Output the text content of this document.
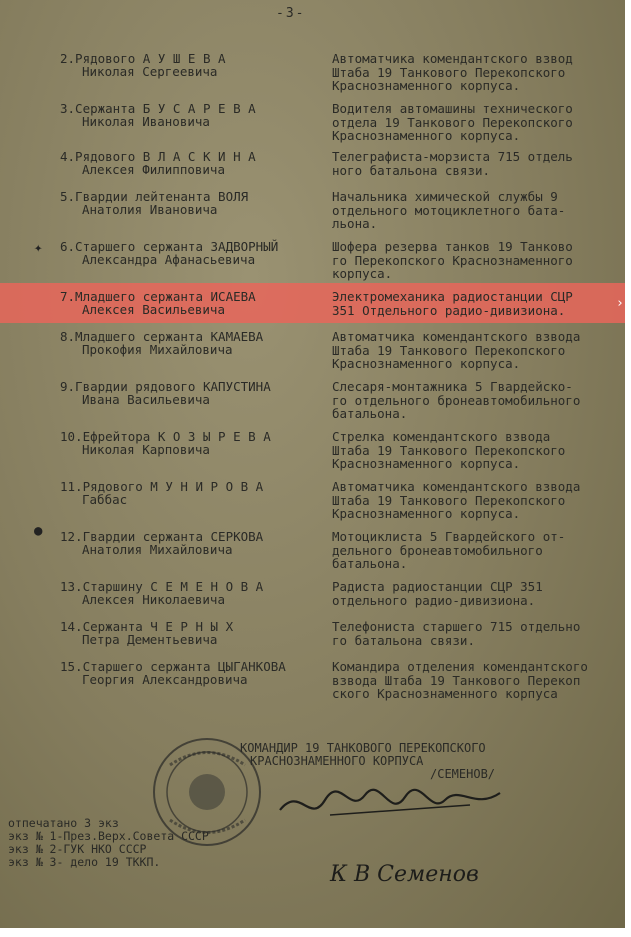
-3-
›
2.Рядового А У Ш Е В А
Николая Сергеевича
Автоматчика комендантского взвод
Штаба 19 Танкового Перекопского
Краснознаменного корпуса.
3.Сержанта Б У С А Р Е В А
Николая Ивановича
Водителя автомашины технического
отдела 19 Танкового Перекопского
Краснознаменного корпуса.
4.Рядового В Л А С К И Н А
Алексея Филипповича
Телеграфиста-морзиста 715 отдель
ного батальона связи.
5.Гвардии лейтенанта ВОЛЯ
Анатолия Ивановича
Начальника химической службы 9
отдельного мотоциклетного бата-
льона.
6.Старшего сержанта ЗАДВОРНЫЙ
Александра Афанасьевича
Шофера резерва танков 19 Танково
го Перекопского Краснознаменного
корпуса.
7.Младшего сержанта ИСАЕВА
Алексея Васильевича
Электромеханика радиостанции СЦР
351 Отдельного радио-дивизиона.
8.Младшего сержанта КАМАЕВА
Прокофия Михайловича
Автоматчика комендантского взвода
Штаба 19 Танкового Перекопского
Краснознаменного корпуса.
9.Гвардии рядового КАПУСТИНА
Ивана Васильевича
Слесаря-монтажника 5 Гвардейско-
го отдельного бронеавтомобильного
батальона.
10.Ефрейтора К О З Ы Р Е В А
Николая Карповича
Стрелка комендантского взвода
Штаба 19 Танкового Перекопского
Краснознаменного корпуса.
11.Рядового М У Н И Р О В А
Габбас
Автоматчика комендантского взвода
Штаба 19 Танкового Перекопского
Краснознаменного корпуса.
12.Гвардии сержанта СЕРКОВА
Анатолия Михайловича
Мотоциклиста 5 Гвардейского от-
дельного бронеавтомобильного
батальона.
13.Старшину С Е М Е Н О В А
Алексея Николаевича
Радиста радиостанции СЦР 351
отдельного радио-дивизиона.
14.Сержанта Ч Е Р Н Ы Х
Петра Дементьевича
Телефониста старшего 715 отдельно
го батальона связи.
15.Старшего сержанта ЦЫГАНКОВА
Георгия Александровича
Командира отделения комендантского
взвода Штаба 19 Танкового Перекоп
ского Краснознаменного корпуса
✦
●
КОМАНДИР 19 ТАНКОВОГО ПЕРЕКОПСКОГО
КРАСНОЗНАМЕННОГО КОРПУСА
/СЕМЕНОВ/
отпечатано 3 экз
экз № 1-През.Верх.Совета СССР
экз № 2-ГУК НКО СССР
экз № 3- дело 19 ТККП.	К В Семенов
